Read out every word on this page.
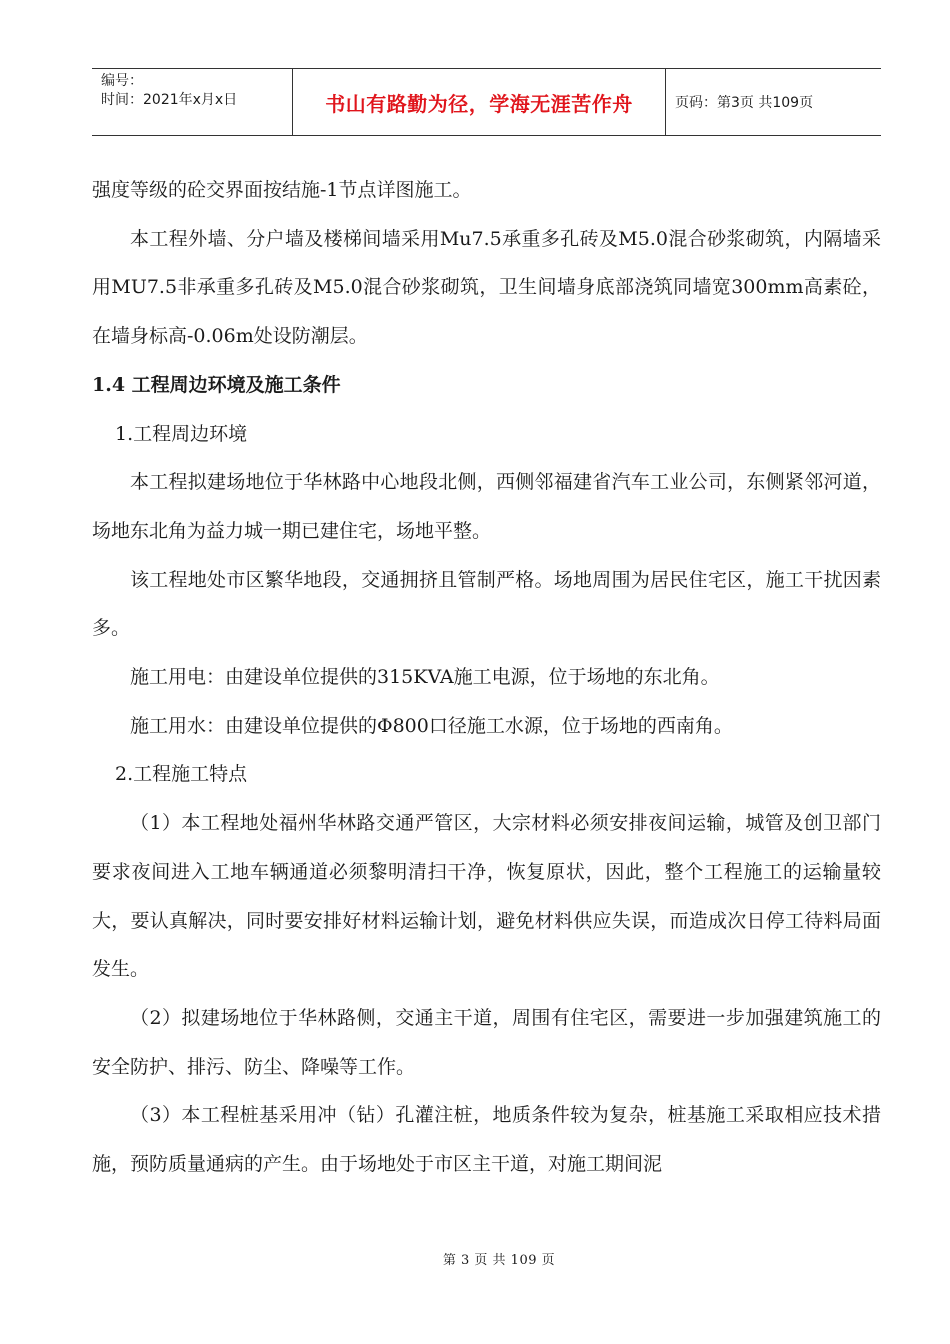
编号：
时间：2021年x月x日	书山有路勤为径，学海无涯苦作舟	页码：第3页 共109页

强度等级的砼交界面按结施-1节点详图施工。

本工程外墙、分户墙及楼梯间墙采用Mu7.5承重多孔砖及M5.0混合砂浆砌筑，内隔墙采用MU7.5非承重多孔砖及M5.0混合砂浆砌筑，卫生间墙身底部浇筑同墙宽300mm高素砼，在墙身标高-0.06m处设防潮层。

1.4 工程周边环境及施工条件

1.工程周边环境

本工程拟建场地位于华林路中心地段北侧，西侧邻福建省汽车工业公司，东侧紧邻河道，场地东北角为益力城一期已建住宅，场地平整。

该工程地处市区繁华地段，交通拥挤且管制严格。场地周围为居民住宅区，施工干扰因素多。

施工用电：由建设单位提供的315KVA施工电源，位于场地的东北角。

施工用水：由建设单位提供的Φ800口径施工水源，位于场地的西南角。

2.工程施工特点

（1）本工程地处福州华林路交通严管区，大宗材料必须安排夜间运输，城管及创卫部门要求夜间进入工地车辆通道必须黎明清扫干净，恢复原状，因此，整个工程施工的运输量较大，要认真解决，同时要安排好材料运输计划，避免材料供应失误，而造成次日停工待料局面发生。

（2）拟建场地位于华林路侧，交通主干道，周围有住宅区，需要进一步加强建筑施工的安全防护、排污、防尘、降噪等工作。

（3）本工程桩基采用冲（钻）孔灌注桩，地质条件较为复杂，桩基施工采取相应技术措施，预防质量通病的产生。由于场地处于市区主干道，对施工期间泥

第 3 页 共 109 页
